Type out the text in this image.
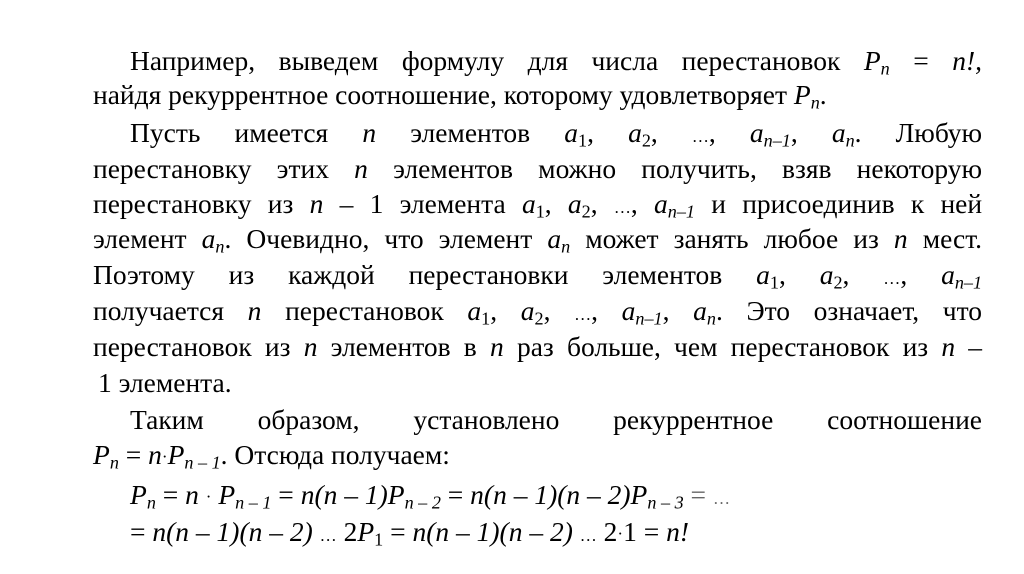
Например, выведем формулу для числа перестановок $P_n = n$!,
найдя рекуррентное соотношение, которому удовлетворяет $P_n$.
Пусть имеется n элементов $a_1$, $a_2$, …, $a_{n-1}$, $a_n$. Любую
перестановку этих n элементов можно получить, взяв некоторую
перестановку из n – 1 элемента $a_1$, $a_2$, …, $a_{n-1}$ и присоединив к ней
элемент $a_n$. Очевидно, что элемент $a_n$ может занять любое из n мест.
Поэтому из каждой перестановки элементов $a_1$, $a_2$, …, $a_{n-1}$
получается n перестановок $a_1$, $a_2$, …, $a_{n-1}$, $a_n$. Это означает, что
перестановок из n элементов в n раз больше, чем перестановок из n –
1 элемента.
Таким образом, установлено рекуррентное соотношение
$P_n = n\cdot P_{n - 1}$. Отсюда получаем:
$P_n = n \cdot P_{n - 1} = n(n - 1)P_{n - 2} = n(n - 1)(n - 2)P_{n - 3}$ = …
= n(n – 1)(n – 2) … $2P_1 = n(n - 1)(n - 2)$ … 2·1 = n!
